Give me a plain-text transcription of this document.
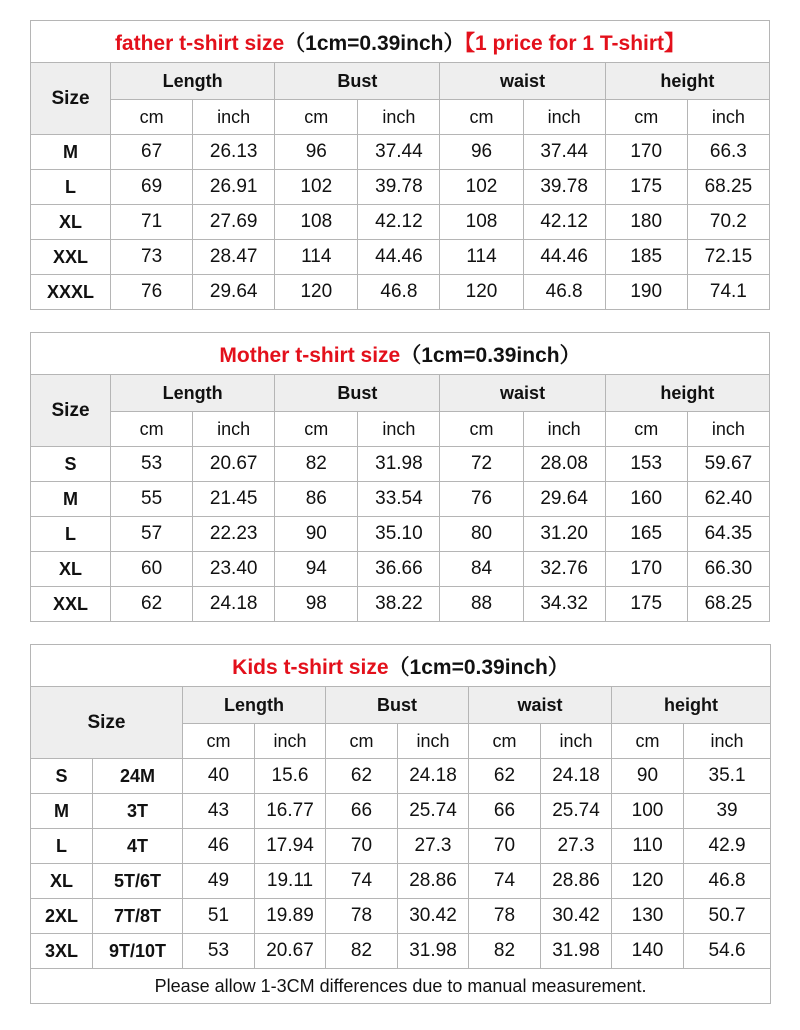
father t-shirt size（1cm=0.39inch）【1 price for 1 T-shirt】								
Size	Length		Bust		waist		height	
	cm	inch	cm	inch	cm	inch	cm	inch
M	67	26.13	96	37.44	96	37.44	170	66.3
L	69	26.91	102	39.78	102	39.78	175	68.25
XL	71	27.69	108	42.12	108	42.12	180	70.2
XXL	73	28.47	114	44.46	114	44.46	185	72.15
XXXL	76	29.64	120	46.8	120	46.8	190	74.1
Mother t-shirt size（1cm=0.39inch）								
Size	Length		Bust		waist		height	
	cm	inch	cm	inch	cm	inch	cm	inch
S	53	20.67	82	31.98	72	28.08	153	59.67
M	55	21.45	86	33.54	76	29.64	160	62.40
L	57	22.23	90	35.10	80	31.20	165	64.35
XL	60	23.40	94	36.66	84	32.76	170	66.30
XXL	62	24.18	98	38.22	88	34.32	175	68.25
Kids t-shirt size（1cm=0.39inch）									
Size		Length		Bust		waist		height	
		cm	inch	cm	inch	cm	inch	cm	inch
S	24M	40	15.6	62	24.18	62	24.18	90	35.1
M	3T	43	16.77	66	25.74	66	25.74	100	39
L	4T	46	17.94	70	27.3	70	27.3	110	42.9
XL	5T/6T	49	19.11	74	28.86	74	28.86	120	46.8
2XL	7T/8T	51	19.89	78	30.42	78	30.42	130	50.7
3XL	9T/10T	53	20.67	82	31.98	82	31.98	140	54.6
Please allow 1-3CM differences due to manual measurement.									
